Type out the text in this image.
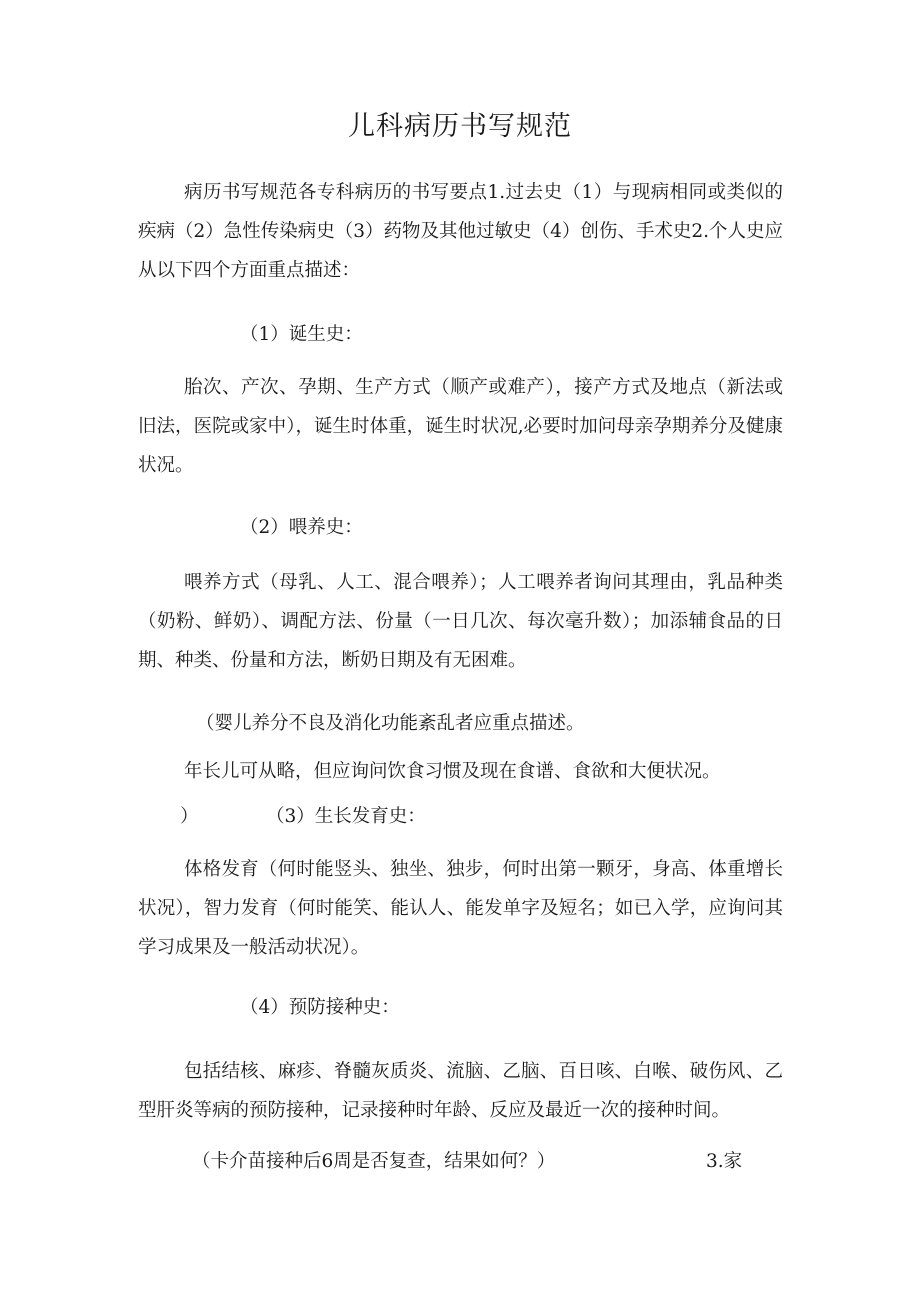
儿科病历书写规范

病历书写规范各专科病历的书写要点1.过去史（1）与现病相同或类似的疾病（2）急性传染病史（3）药物及其他过敏史（4）创伤、手术史2.个人史应从以下四个方面重点描述：

（1）诞生史：

胎次、产次、孕期、生产方式（顺产或难产），接产方式及地点（新法或旧法，医院或家中），诞生时体重，诞生时状况,必要时加问母亲孕期养分及健康状况。

（2）喂养史：

喂养方式（母乳、人工、混合喂养）；人工喂养者询问其理由，乳品种类（奶粉、鲜奶）、调配方法、份量（一日几次、每次毫升数）；加添辅食品的日期、种类、份量和方法，断奶日期及有无困难。

（婴儿养分不良及消化功能紊乱者应重点描述。

年长儿可从略，但应询问饮食习惯及现在食谱、食欲和大便状况。

）	（3）生长发育史：

体格发育（何时能竖头、独坐、独步，何时出第一颗牙，身高、体重增长状况），智力发育（何时能笑、能认人、能发单字及短名；如已入学，应询问其学习成果及一般活动状况）。

（4）预防接种史：

包括结核、麻疹、脊髓灰质炎、流脑、乙脑、百日咳、白喉、破伤风、乙型肝炎等病的预防接种，记录接种时年龄、反应及最近一次的接种时间。

（卡介苗接种后6周是否复查，结果如何？）	3.家
